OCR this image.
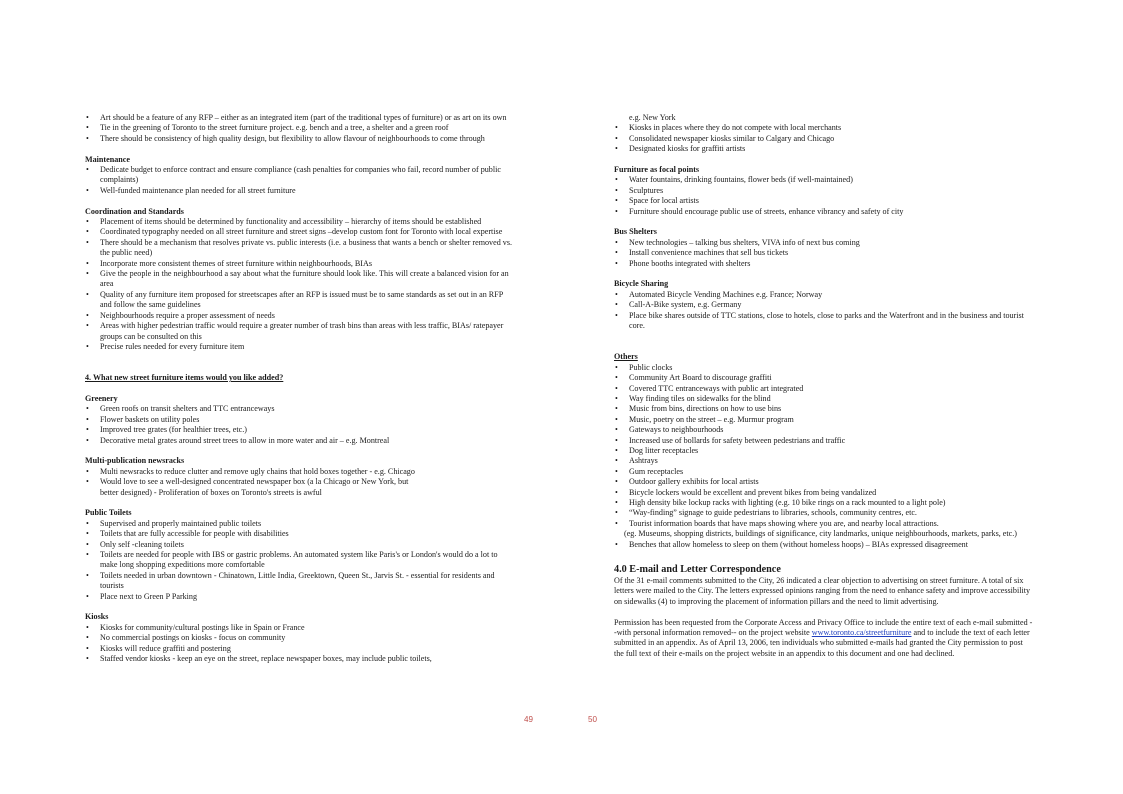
• Art should be a feature of any RFP – either as an integrated item (part of the traditional types of furniture) or as art on its own
• Tie in the greening of Toronto to the street furniture project. e.g. bench and a tree, a shelter and a green roof
• There should be consistency of high quality design, but flexibility to allow flavour of neighbourhoods to come through

Maintenance

• Dedicate budget to enforce contract and ensure compliance (cash penalties for companies who fail, record number of public complaints)
• Well-funded maintenance plan needed for all street furniture

Coordination and Standards

• Placement of items should be determined by functionality and accessibility – hierarchy of items should be established
• Coordinated typography needed on all street furniture and street signs –develop custom font for Toronto with local expertise
• There should be a mechanism that resolves private vs. public interests (i.e. a business that wants a bench or shelter removed vs. the public need)
• Incorporate more consistent themes of street furniture within neighbourhoods, BIAs
• Give the people in the neighbourhood a say about what the furniture should look like. This will create a balanced vision for an area
• Quality of any furniture item proposed for streetscapes after an RFP is issued must be to same standards as set out in an RFP and follow the same guidelines
• Neighbourhoods require a proper assessment of needs
• Areas with higher pedestrian traffic would require a greater number of trash bins than areas with less traffic, BIAs/ ratepayer groups can be consulted on this
• Precise rules needed for every furniture item

4. What new street furniture items would you like added?

Greenery

• Green roofs on transit shelters and TTC entranceways
• Flower baskets on utility poles
• Improved tree grates (for healthier trees, etc.)
• Decorative metal grates around street trees to allow in more water and air – e.g. Montreal

Multi-publication newsracks

• Multi newsracks to reduce clutter and remove ugly chains that hold boxes together - e.g. Chicago
• Would love to see a well-designed concentrated newspaper box (a la Chicago or New York, but better designed) - Proliferation of boxes on Toronto's streets is awful

Public Toilets

• Supervised and properly maintained public toilets
• Toilets that are fully accessible for people with disabilities
• Only self -cleaning toilets
• Toilets are needed for people with IBS or gastric problems. An automated system like Paris's or London's would do a lot to make long shopping expeditions more comfortable
• Toilets needed in urban downtown - Chinatown, Little India, Greektown, Queen St., Jarvis St. - essential for residents and tourists
• Place next to Green P Parking

Kiosks

• Kiosks for community/cultural postings like in Spain or France
• No commercial postings on kiosks - focus on community
• Kiosks will reduce graffiti and postering
• Staffed vendor kiosks - keep an eye on the street, replace newspaper boxes, may include public toilets,
e.g. New York
• Kiosks in places where they do not compete with local merchants
• Consolidated newspaper kiosks similar to Calgary and Chicago
• Designated kiosks for graffiti artists

Furniture as focal points

• Water fountains, drinking fountains, flower beds (if well-maintained)
• Sculptures
• Space for local artists
• Furniture should encourage public use of streets, enhance vibrancy and safety of city

Bus Shelters

• New technologies – talking bus shelters, VIVA info of next bus coming
• Install convenience machines that sell bus tickets
• Phone booths integrated with shelters

Bicycle Sharing

• Automated Bicycle Vending Machines e.g. France; Norway
• Call-A-Bike system, e.g. Germany
• Place bike shares outside of TTC stations, close to hotels, close to parks and the Waterfront and in the business and tourist core.

Others

• Public clocks
• Community Art Board to discourage graffiti
• Covered TTC entranceways with public art integrated
• Way finding tiles on sidewalks for the blind
• Music from bins, directions on how to use bins
• Music, poetry on the street – e.g. Murmur program
• Gateways to neighbourhoods
• Increased use of bollards for safety between pedestrians and traffic
• Dog litter receptacles
• Ashtrays
• Gum receptacles
• Outdoor gallery exhibits for local artists
• Bicycle lockers would be excellent and prevent bikes from being vandalized
• High density bike lockup racks with lighting (e.g. 10 bike rings on a rack mounted to a light pole)
• “Way-finding” signage to guide pedestrians to libraries, schools, community centres, etc.
• Tourist information boards that have maps showing where you are, and nearby local attractions.
(eg. Museums, shopping districts, buildings of significance, city landmarks, unique neighbourhoods, markets, parks, etc.)
• Benches that allow homeless to sleep on them (without homeless hoops) – BIAs expressed disagreement

4.0 E-mail and Letter Correspondence

Of the 31 e-mail comments submitted to the City, 26 indicated a clear objection to advertising on street furniture. A total of six letters were mailed to the City. The letters expressed opinions ranging from the need to enhance safety and improve accessibility on sidewalks (4) to improving the placement of information pillars and the need to limit advertising.

Permission has been requested from the Corporate Access and Privacy Office to include the entire text of each e-mail submitted --with personal information removed-- on the project website www.toronto.ca/streetfurniture and to include the text of each letter submitted in an appendix. As of April 13, 2006, ten individuals who submitted e-mails had granted the City permission to post the full text of their e-mails on the project website in an appendix to this document and one had declined.

49	50
